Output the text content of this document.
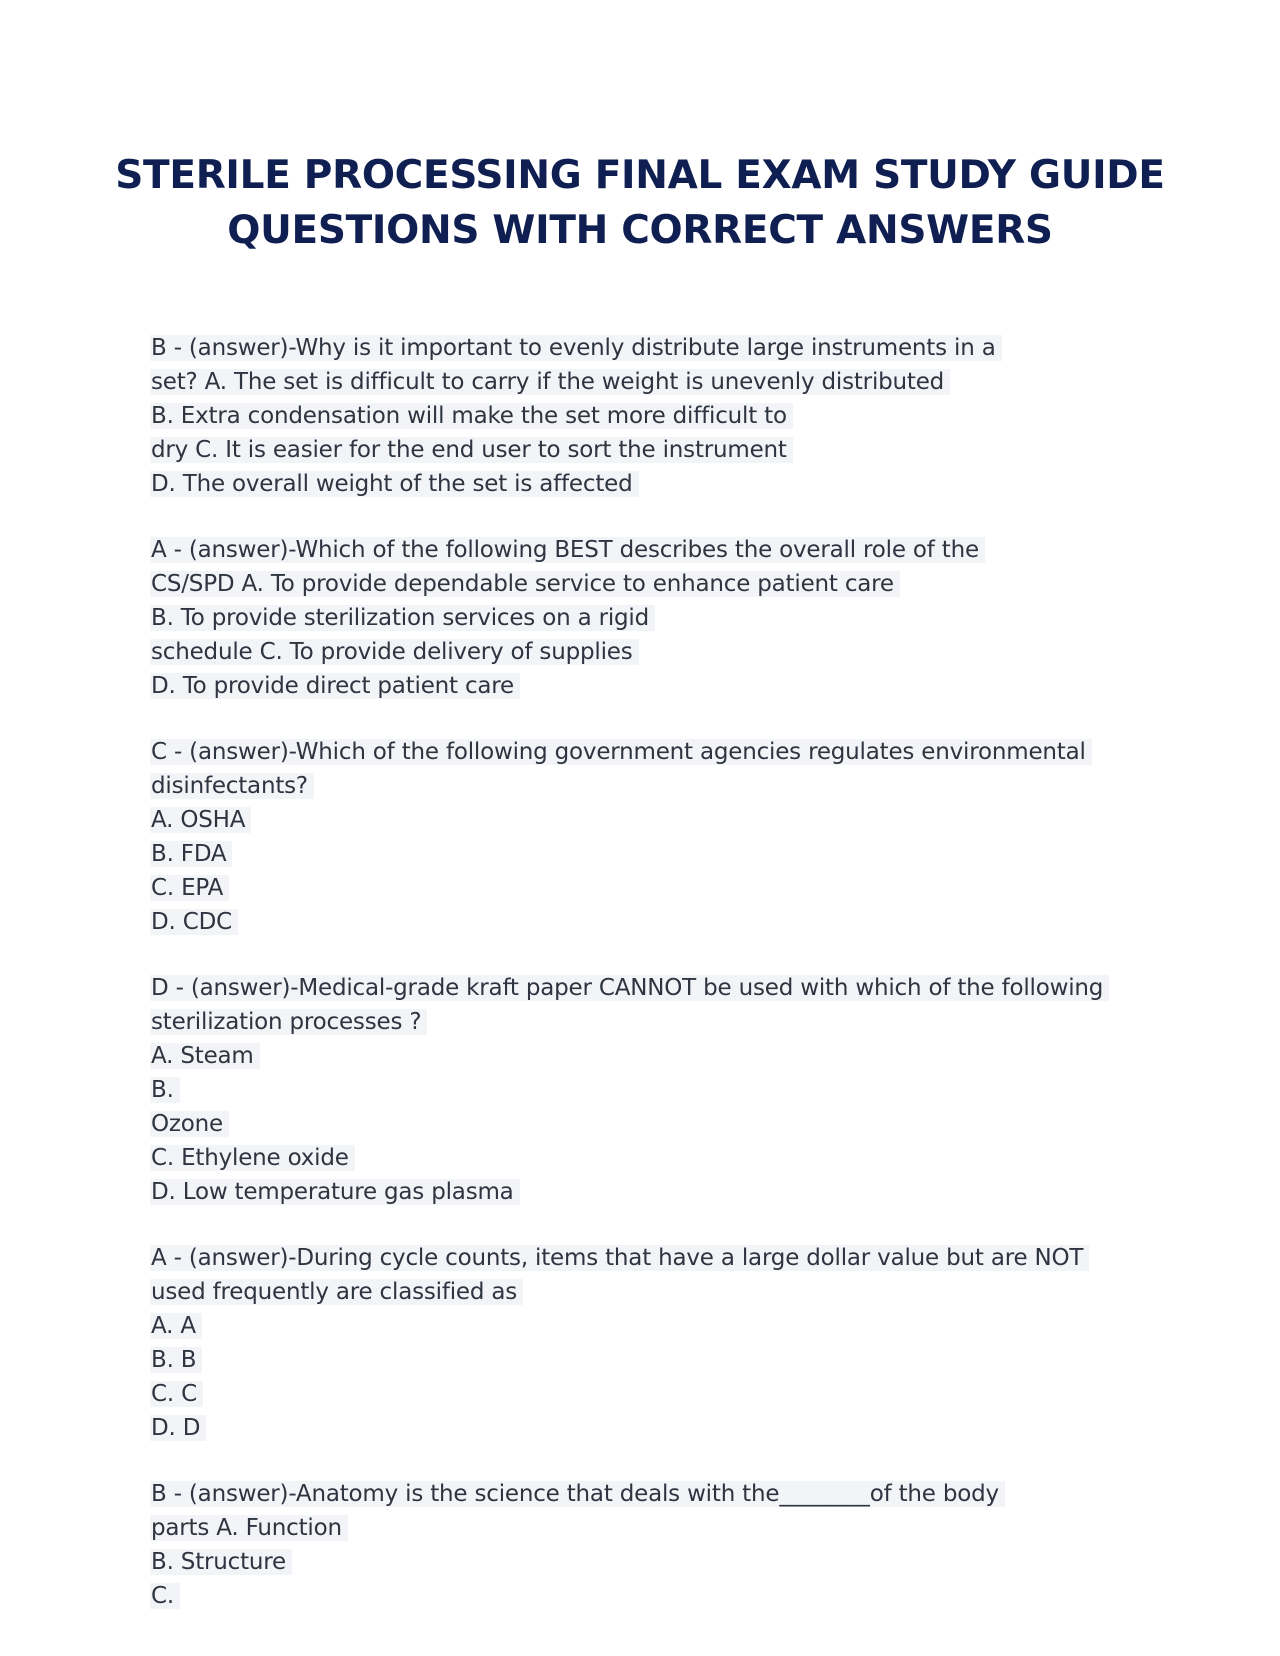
STERILE PROCESSING FINAL EXAM STUDY GUIDE
QUESTIONS WITH CORRECT ANSWERS
B - (answer)-Why is it important to evenly distribute large instruments in a
set? A. The set is difficult to carry if the weight is unevenly distributed
B. Extra condensation will make the set more difficult to
dry C. It is easier for the end user to sort the instrument
D. The overall weight of the set is affected
A - (answer)-Which of the following BEST describes the overall role of the
CS/SPD A. To provide dependable service to enhance patient care
B. To provide sterilization services on a rigid
schedule C. To provide delivery of supplies
D. To provide direct patient care
C - (answer)-Which of the following government agencies regulates environmental
disinfectants?
A. OSHA
B. FDA
C. EPA
D. CDC
D - (answer)-Medical-grade kraft paper CANNOT be used with which of the following
sterilization processes ?
A. Steam
B.
Ozone
C. Ethylene oxide
D. Low temperature gas plasma
A - (answer)-During cycle counts, items that have a large dollar value but are NOT
used frequently are classified as
A. A
B. B
C. C
D. D
B - (answer)-Anatomy is the science that deals with the________of the body
parts A. Function
B. Structure
C.
